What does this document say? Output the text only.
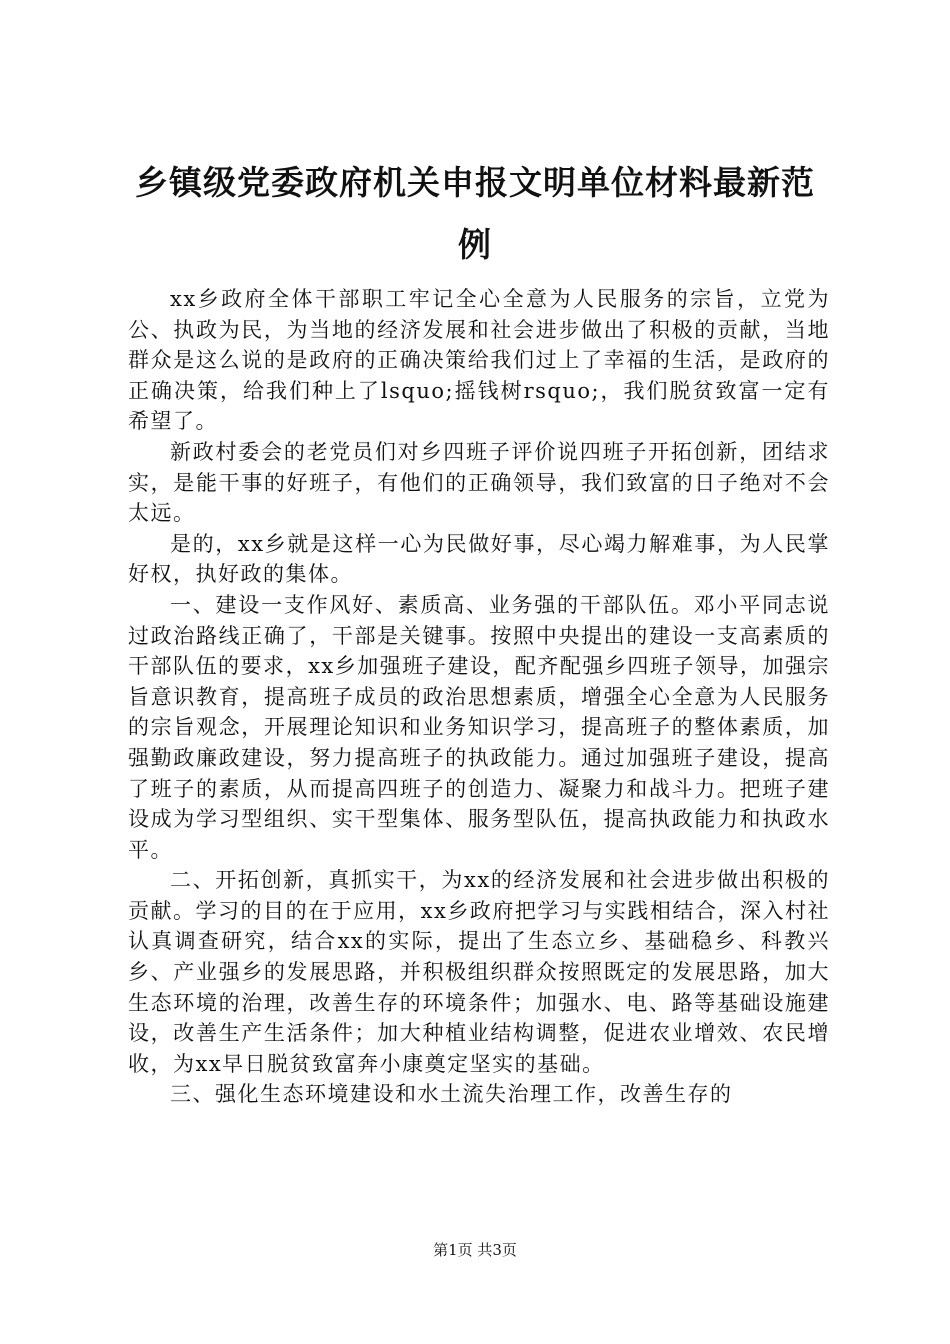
乡镇级党委政府机关申报文明单位材料最新范例

xx乡政府全体干部职工牢记全心全意为人民服务的宗旨，立党为公、执政为民，为当地的经济发展和社会进步做出了积极的贡献，当地群众是这么说的是政府的正确决策给我们过上了幸福的生活，是政府的正确决策，给我们种上了lsquo;摇钱树rsquo;，我们脱贫致富一定有希望了。

新政村委会的老党员们对乡四班子评价说四班子开拓创新，团结求实，是能干事的好班子，有他们的正确领导，我们致富的日子绝对不会太远。

是的，xx乡就是这样一心为民做好事，尽心竭力解难事，为人民掌好权，执好政的集体。

一、建设一支作风好、素质高、业务强的干部队伍。邓小平同志说过政治路线正确了，干部是关键事。按照中央提出的建设一支高素质的干部队伍的要求，xx乡加强班子建设，配齐配强乡四班子领导，加强宗旨意识教育，提高班子成员的政治思想素质，增强全心全意为人民服务的宗旨观念，开展理论知识和业务知识学习，提高班子的整体素质，加强勤政廉政建设，努力提高班子的执政能力。通过加强班子建设，提高了班子的素质，从而提高四班子的创造力、凝聚力和战斗力。把班子建设成为学习型组织、实干型集体、服务型队伍，提高执政能力和执政水平。

二、开拓创新，真抓实干，为xx的经济发展和社会进步做出积极的贡献。学习的目的在于应用，xx乡政府把学习与实践相结合，深入村社认真调查研究，结合xx的实际，提出了生态立乡、基础稳乡、科教兴乡、产业强乡的发展思路，并积极组织群众按照既定的发展思路，加大生态环境的治理，改善生存的环境条件；加强水、电、路等基础设施建设，改善生产生活条件；加大种植业结构调整，促进农业增效、农民增收，为xx早日脱贫致富奔小康奠定坚实的基础。

三、强化生态环境建设和水土流失治理工作，改善生存的

第1页 共3页
